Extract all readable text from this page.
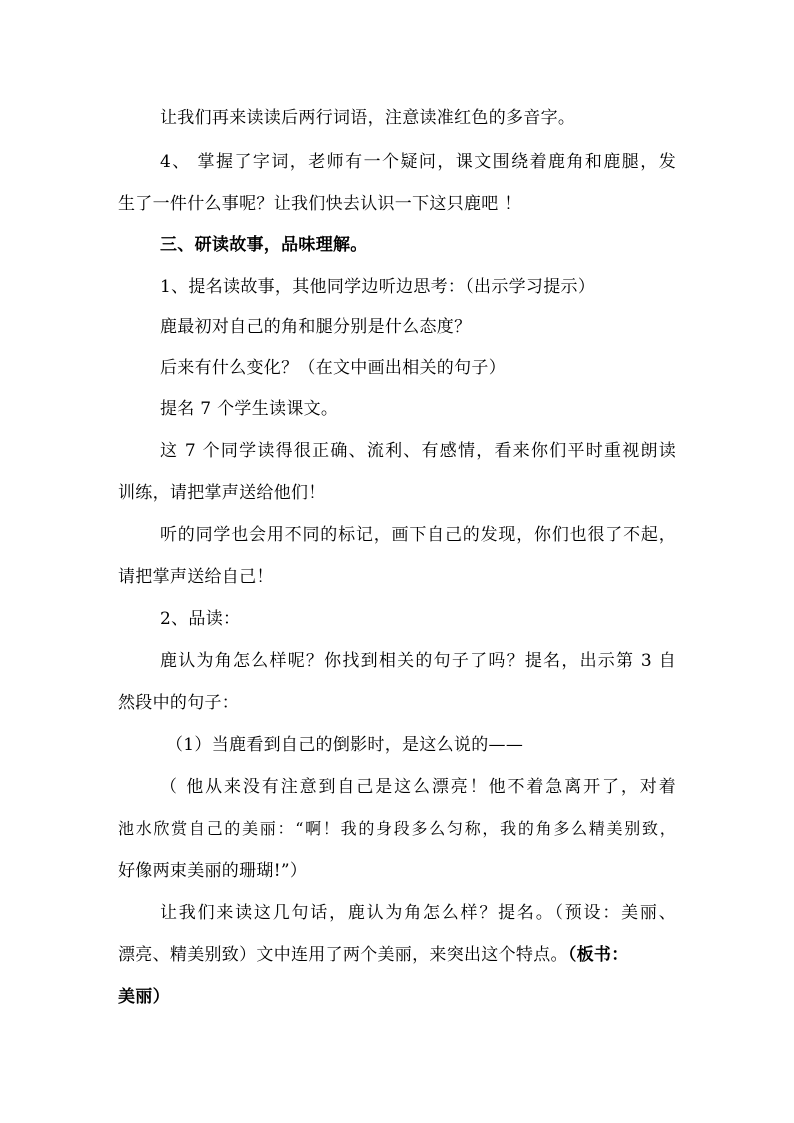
让我们再来读读后两行词语，注意读准红色的多音字。

4、 掌握了字词，老师有一个疑问，课文围绕着鹿角和鹿腿，发

生了一件什么事呢？让我们快去认识一下这只鹿吧 ！

三、研读故事，品味理解。

1、提名读故事，其他同学边听边思考：（出示学习提示）

鹿最初对自己的角和腿分别是什么态度？

后来有什么变化？（在文中画出相关的句子）

提名 7 个学生读课文。

这 7 个同学读得很正确、流利、有感情，看来你们平时重视朗读

训练，请把掌声送给他们！

听的同学也会用不同的标记，画下自己的发现，你们也很了不起，

请把掌声送给自己！

2、品读：

鹿认为角怎么样呢？你找到相关的句子了吗？提名，出示第 3 自

然段中的句子：

（1）当鹿看到自己的倒影时，是这么说的——

（ 他从来没有注意到自己是这么漂亮！他不着急离开了，对着

池水欣赏自己的美丽：“啊！我的身段多么匀称，我的角多么精美别致，

好像两束美丽的珊瑚!”）

让我们来读这几句话，鹿认为角怎么样？提名。（预设：美丽、

漂亮、精美别致）文中连用了两个美丽，来突出这个特点。（板书：

美丽）
